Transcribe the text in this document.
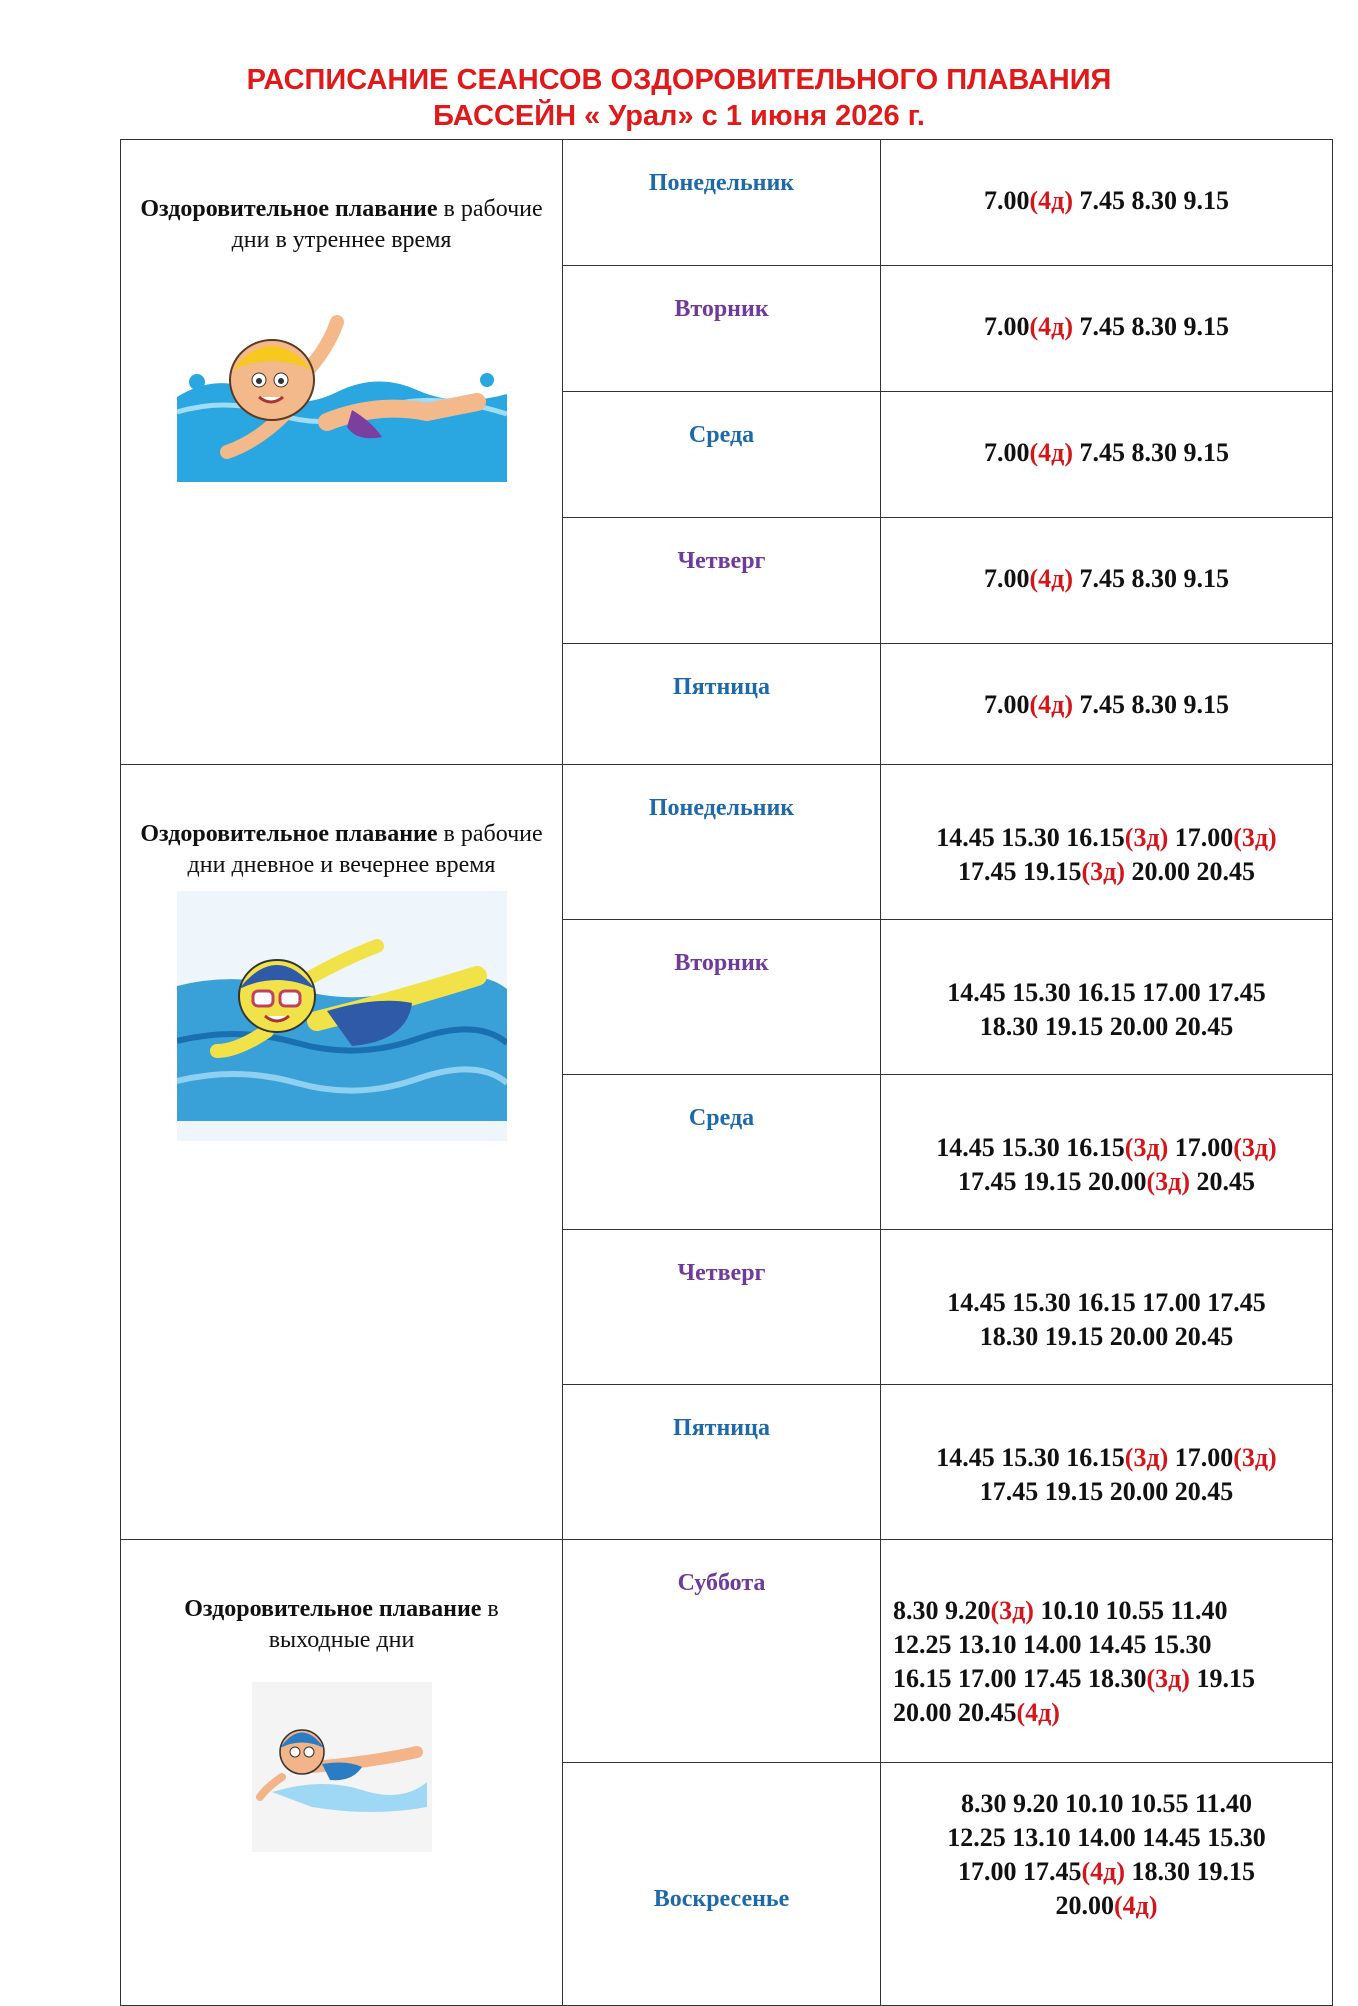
РАСПИСАНИЕ СЕАНСОВ ОЗДОРОВИТЕЛЬНОГО ПЛАВАНИЯ
БАССЕЙН « Урал» с 1 июня 2026 г.
Оздоровительное плавание в рабочие дни в утреннее время	Понедельник	7.00(4д) 7.45 8.30 9.15

	Вторник	7.00(4д) 7.45 8.30 9.15

	Среда	7.00(4д) 7.45 8.30 9.15

	Четверг	7.00(4д) 7.45 8.30 9.15

	Пятница	7.00(4д) 7.45 8.30 9.15

Оздоровительное плавание в рабочие дни дневное и вечернее время	Понедельник	14.45 15.30 16.15(3д) 17.00(3д)
17.45 19.15(3д) 20.00 20.45

	Вторник	14.45 15.30 16.15 17.00 17.45
18.30 19.15 20.00 20.45

	Среда	14.45 15.30 16.15(3д) 17.00(3д)
17.45 19.15 20.00(3д) 20.45

	Четверг	14.45 15.30 16.15 17.00 17.45
18.30 19.15 20.00 20.45

	Пятница	14.45 15.30 16.15(3д) 17.00(3д)
17.45 19.15 20.00 20.45

Оздоровительное плавание в выходные дни	Суббота	8.30 9.20(3д) 10.10 10.55 11.40
12.25 13.10 14.00 14.45 15.30
16.15 17.00 17.45 18.30(3д) 19.15
20.00 20.45(4д)

	Воскресенье	8.30 9.20 10.10 10.55 11.40
12.25 13.10 14.00 14.45 15.30
17.00 17.45(4д) 18.30 19.15
20.00(4д)
